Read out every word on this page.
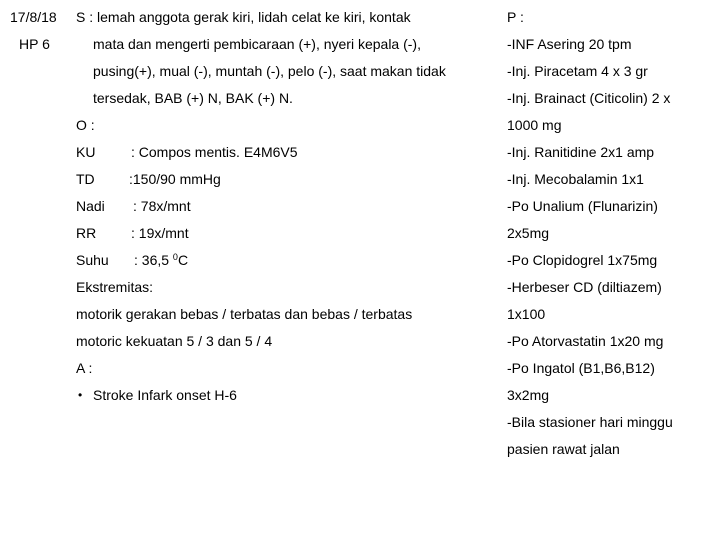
17/8/18
HP 6
S : lemah anggota gerak kiri, lidah celat ke kiri, kontak
mata dan mengerti pembicaraan (+), nyeri kepala (-),
pusing(+), mual (-), muntah (-), pelo (-), saat makan tidak
tersedak, BAB (+) N, BAK (+) N.
O :
KU	: Compos mentis. E4M6V5
TD :150/90 mmHg
Nadi : 78x/mnt
RR : 19x/mnt
Suhu : 36,5 $^0$C
Ekstremitas:
motorik gerakan bebas / terbatas dan bebas / terbatas
motoric kekuatan 5 / 3 dan 5 / 4
A :
• Stroke Infark onset H-6
P :
-INF Asering 20 tpm
-Inj. Piracetam 4 x 3 gr
-Inj. Brainact (Citicolin) 2 x
1000 mg
-Inj. Ranitidine 2x1 amp
-Inj. Mecobalamin 1x1
-Po Unalium (Flunarizin)
2x5mg
-Po Clopidogrel 1x75mg
-Herbeser CD (diltiazem)
1x100
-Po Atorvastatin 1x20 mg
-Po Ingatol (B1,B6,B12)
3x2mg
-Bila stasioner hari minggu
pasien rawat jalan
